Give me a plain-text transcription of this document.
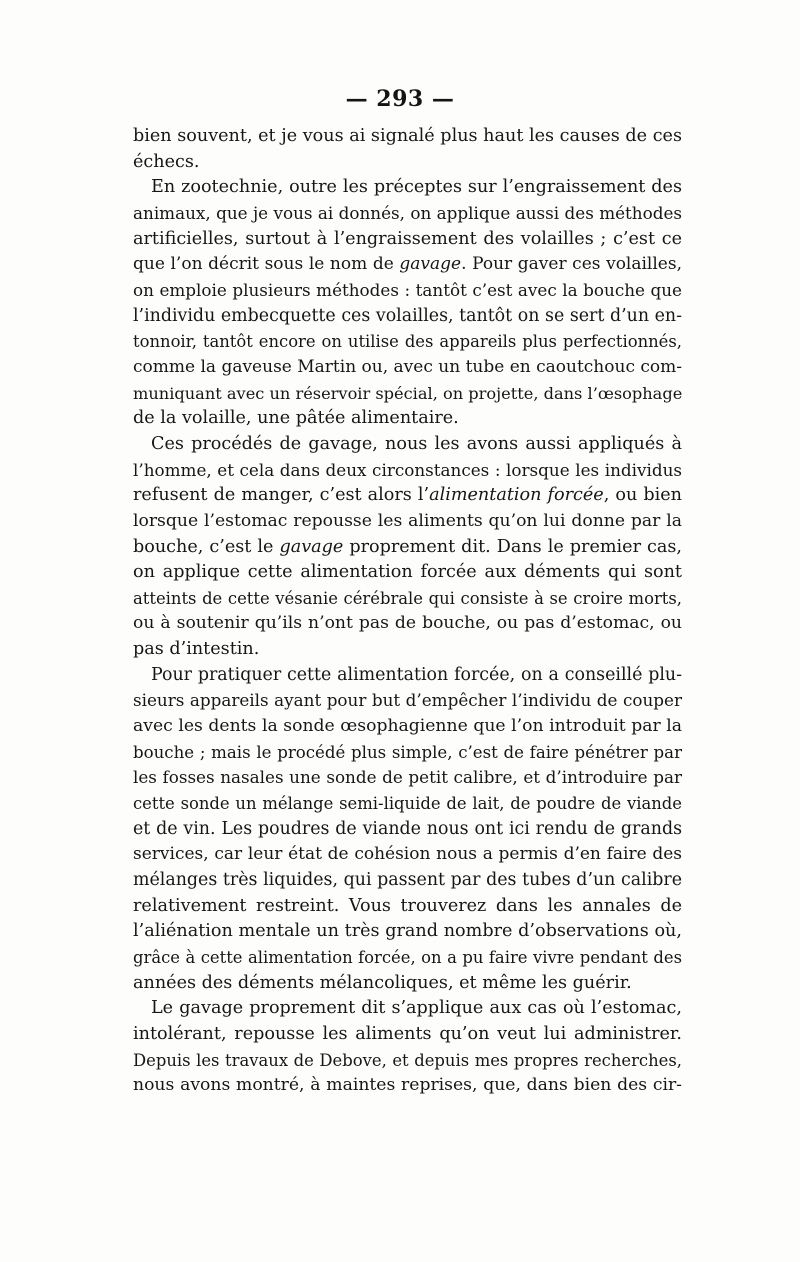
— 293 —
bien souvent, et je vous ai signalé plus haut les causes de ces
échecs.
En zootechnie, outre les préceptes sur l’engraissement des
animaux, que je vous ai donnés, on applique aussi des méthodes
artificielles, surtout à l’engraissement des volailles ; c’est ce
que l’on décrit sous le nom de gavage. Pour gaver ces volailles,
on emploie plusieurs méthodes : tantôt c’est avec la bouche que
l’individu embecquette ces volailles, tantôt on se sert d’un en-
tonnoir, tantôt encore on utilise des appareils plus perfectionnés,
comme la gaveuse Martin ou, avec un tube en caoutchouc com-
muniquant avec un réservoir spécial, on projette, dans l’œsophage
de la volaille, une pâtée alimentaire.
Ces procédés de gavage, nous les avons aussi appliqués à
l’homme, et cela dans deux circonstances : lorsque les individus
refusent de manger, c’est alors l’alimentation forcée, ou bien
lorsque l’estomac repousse les aliments qu’on lui donne par la
bouche, c’est le gavage proprement dit. Dans le premier cas,
on applique cette alimentation forcée aux déments qui sont
atteints de cette vésanie cérébrale qui consiste à se croire morts,
ou à soutenir qu’ils n’ont pas de bouche, ou pas d’estomac, ou
pas d’intestin.
Pour pratiquer cette alimentation forcée, on a conseillé plu-
sieurs appareils ayant pour but d’empêcher l’individu de couper
avec les dents la sonde œsophagienne que l’on introduit par la
bouche ; mais le procédé plus simple, c’est de faire pénétrer par
les fosses nasales une sonde de petit calibre, et d’introduire par
cette sonde un mélange semi-liquide de lait, de poudre de viande
et de vin. Les poudres de viande nous ont ici rendu de grands
services, car leur état de cohésion nous a permis d’en faire des
mélanges très liquides, qui passent par des tubes d’un calibre
relativement restreint. Vous trouverez dans les annales de
l’aliénation mentale un très grand nombre d’observations où,
grâce à cette alimentation forcée, on a pu faire vivre pendant des
années des déments mélancoliques, et même les guérir.
Le gavage proprement dit s’applique aux cas où l’estomac,
intolérant, repousse les aliments qu’on veut lui administrer.
Depuis les travaux de Debove, et depuis mes propres recherches,
nous avons montré, à maintes reprises, que, dans bien des cir-
